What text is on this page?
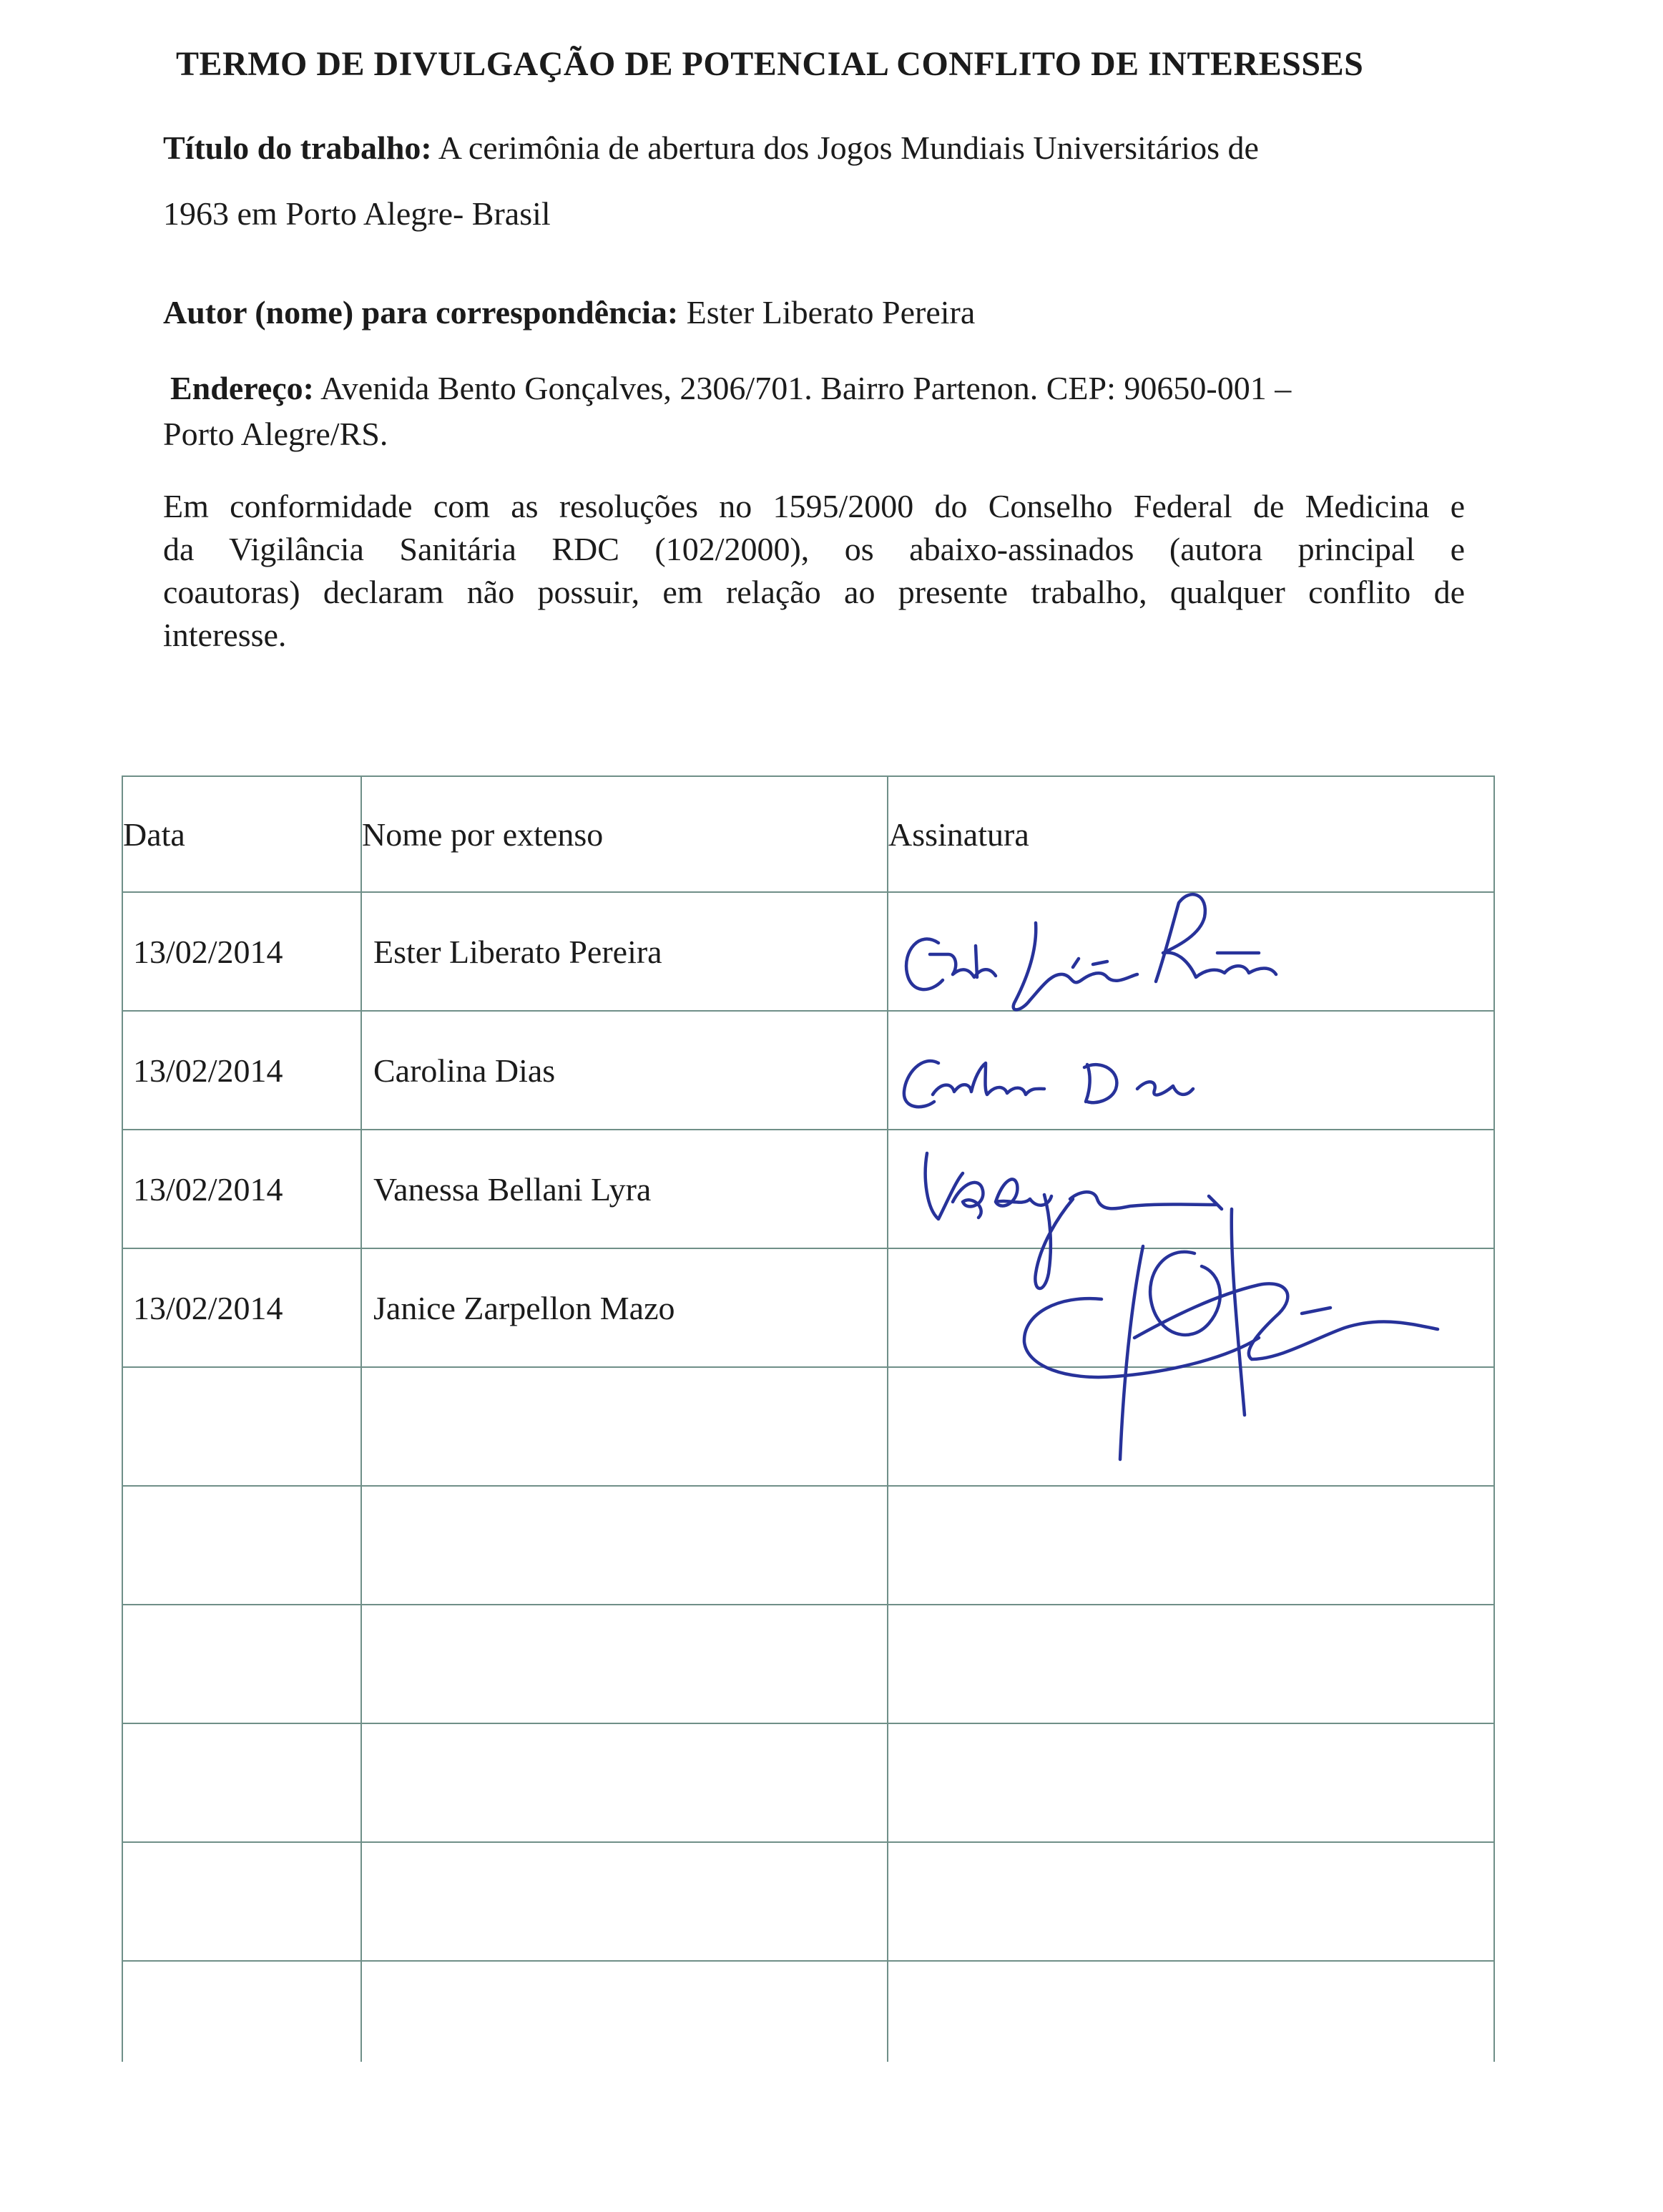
TERMO DE DIVULGAÇÃO DE POTENCIAL CONFLITO DE INTERESSES
Título do trabalho: A cerimônia de abertura dos Jogos Mundiais Universitários de
1963 em Porto Alegre- Brasil
Autor (nome) para correspondência: Ester Liberato Pereira
Endereço: Avenida Bento Gonçalves, 2306/701. Bairro Partenon. CEP: 90650-001 –
Porto Alegre/RS.
Em conformidade com as resoluções no 1595/2000 do Conselho Federal de Medicina e
da Vigilância Sanitária RDC (102/2000), os abaixo-assinados (autora principal e
coautoras) declaram não possuir, em relação ao presente trabalho, qualquer conflito de
interesse.
Data	Nome por extenso	Assinatura
13/02/2014	Ester Liberato Pereira	
13/02/2014	Carolina Dias	
13/02/2014	Vanessa Bellani Lyra	
13/02/2014	Janice Zarpellon Mazo	
